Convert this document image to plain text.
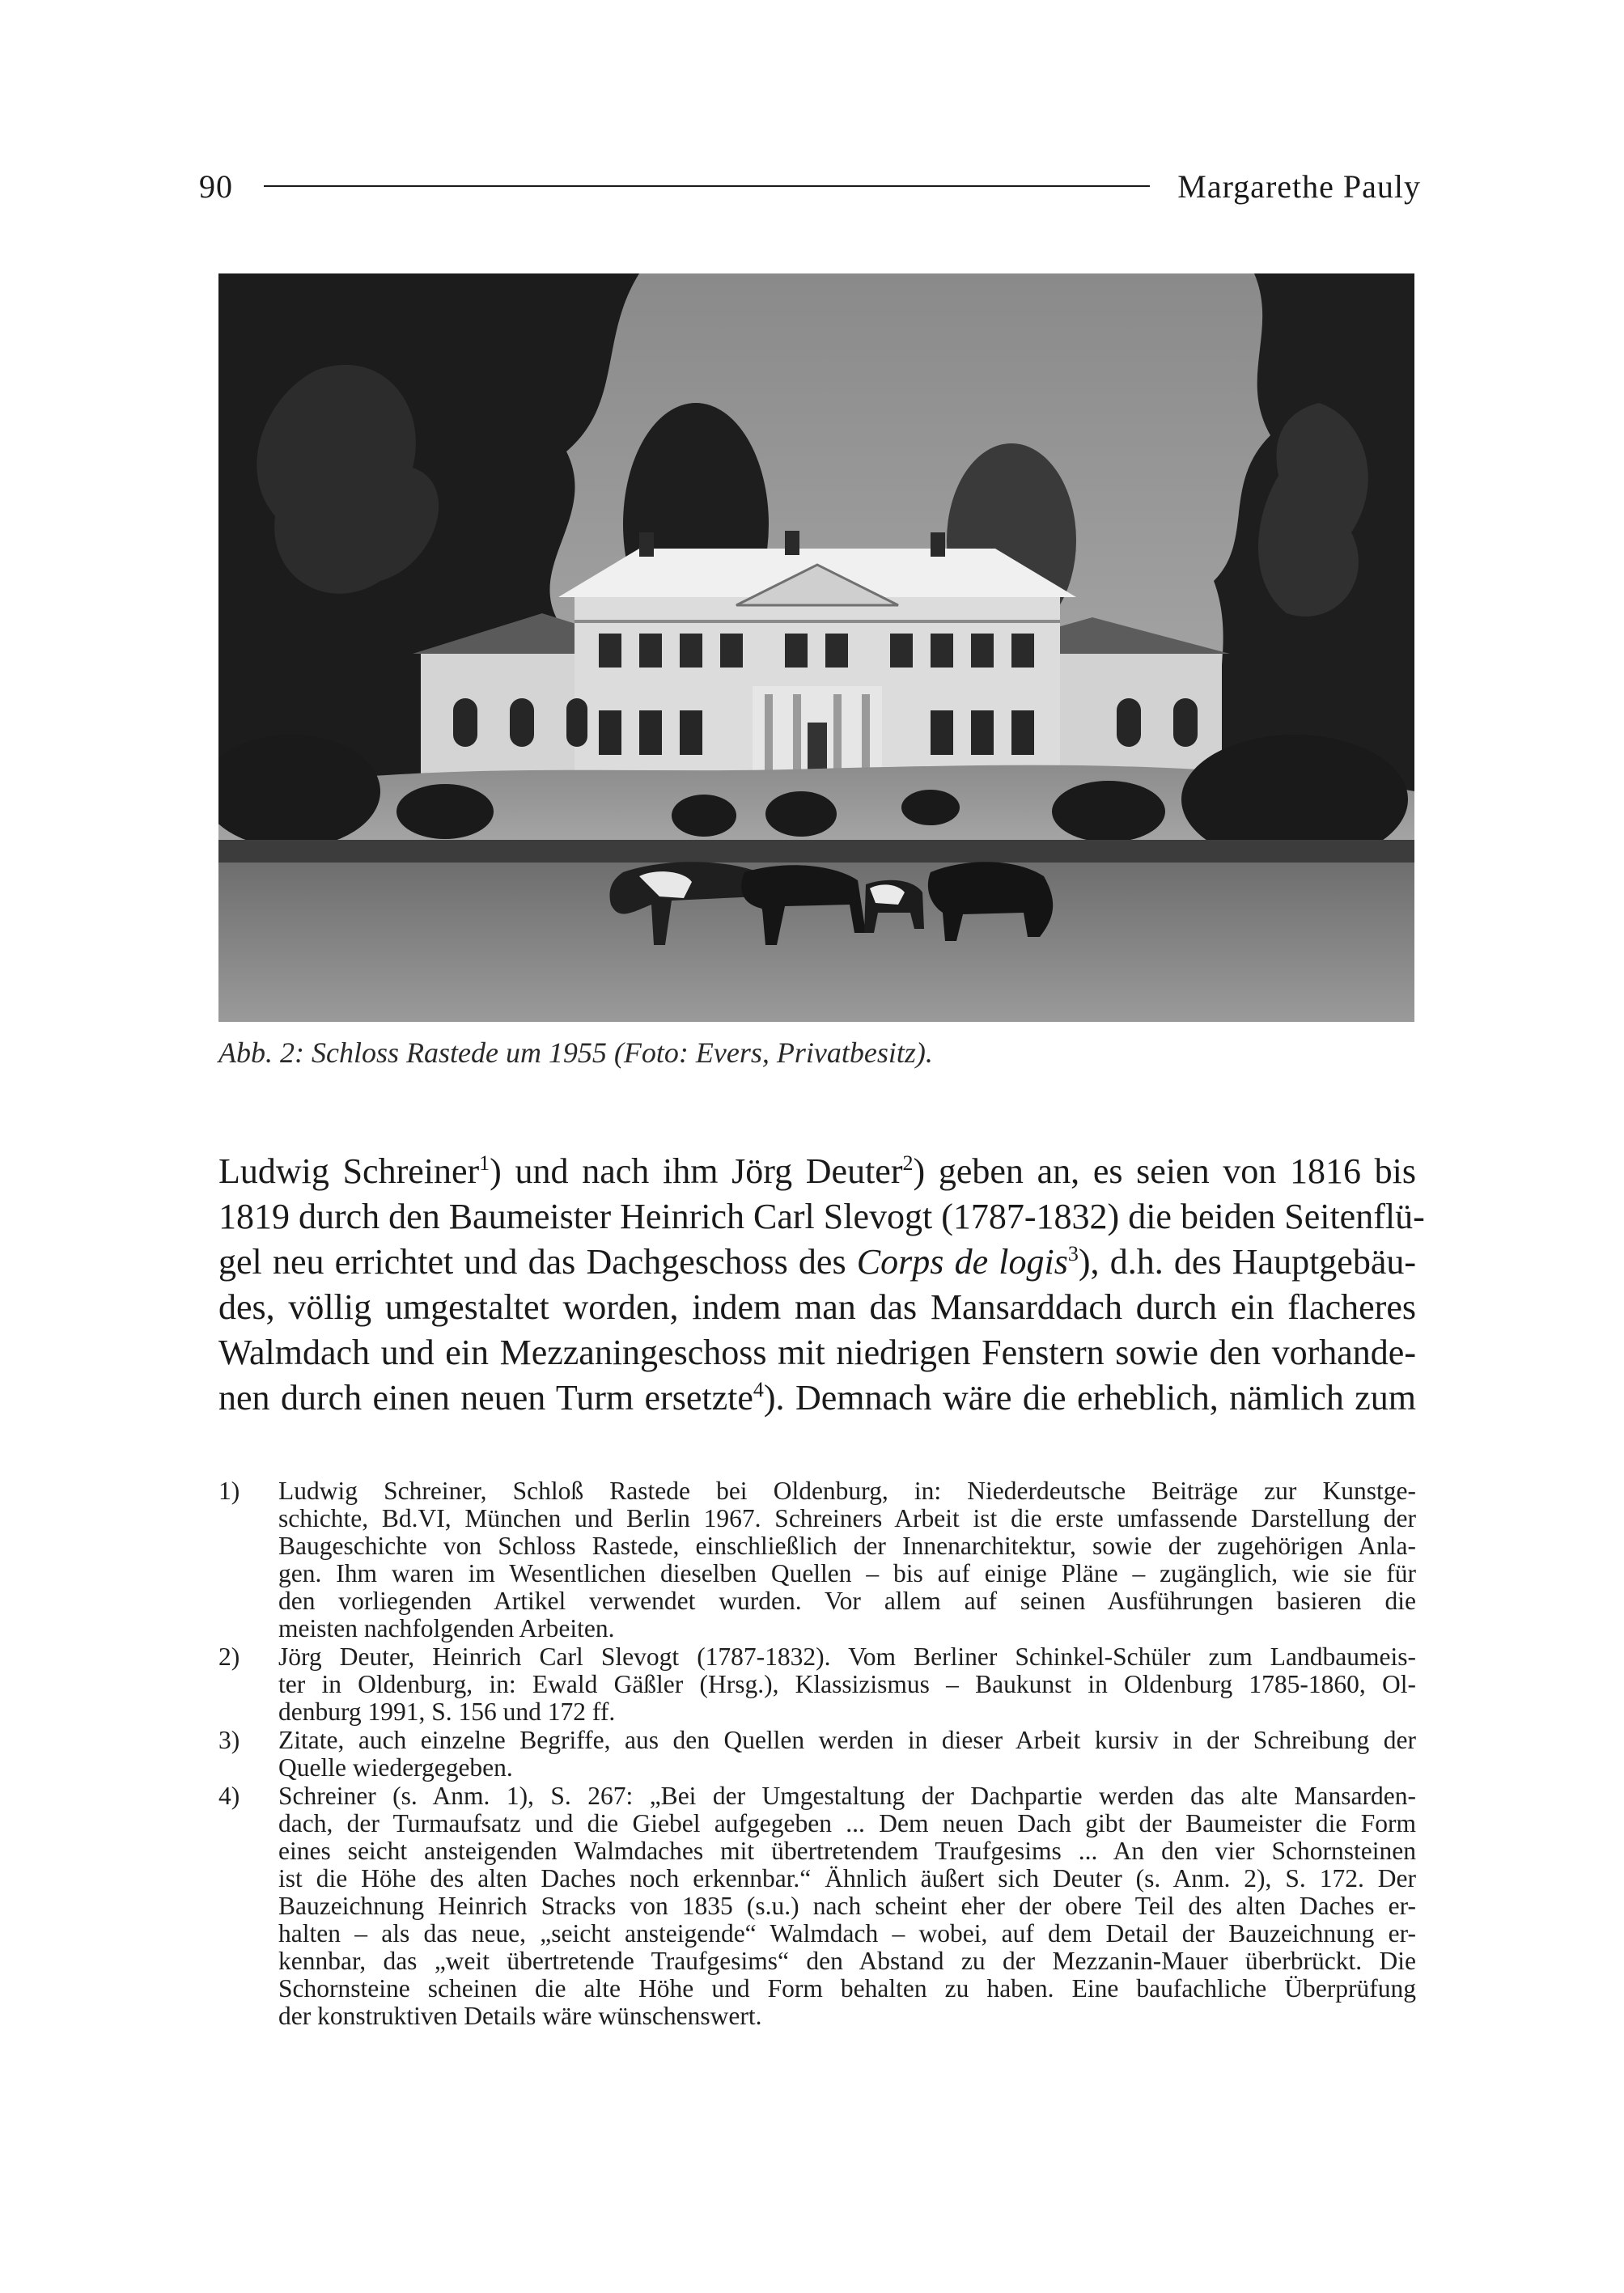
90	Margarethe Pauly
Abb. 2: Schloss Rastede um 1955 (Foto: Evers, Privatbesitz).
Ludwig Schreiner$^1$) und nach ihm Jörg Deuter$^2$) geben an, es seien von 1816 bis
1819 durch den Baumeister Heinrich Carl Slevogt (1787-1832) die beiden Seitenflü-
gel neu errichtet und das Dachgeschoss des Corps de logis$^3$), d.h. des Hauptgebäu-
des, völlig umgestaltet worden, indem man das Mansarddach durch ein flacheres
Walmdach und ein Mezzaningeschoss mit niedrigen Fenstern sowie den vorhande-
nen durch einen neuen Turm ersetzte$^4$). Demnach wäre die erheblich, nämlich zum
1) Ludwig Schreiner, Schloß Rastede bei Oldenburg, in: Niederdeutsche Beiträge zur Kunstge-
schichte, Bd.VI, München und Berlin 1967. Schreiners Arbeit ist die erste umfassende Darstellung der
Baugeschichte von Schloss Rastede, einschließlich der Innenarchitektur, sowie der zugehörigen Anla-
gen. Ihm waren im Wesentlichen dieselben Quellen – bis auf einige Pläne – zugänglich, wie sie für
den vorliegenden Artikel verwendet wurden. Vor allem auf seinen Ausführungen basieren die
meisten nachfolgenden Arbeiten.
2) Jörg Deuter, Heinrich Carl Slevogt (1787-1832). Vom Berliner Schinkel-Schüler zum Landbaumeis-
ter in Oldenburg, in: Ewald Gäßler (Hrsg.), Klassizismus – Baukunst in Oldenburg 1785-1860, Ol-
denburg 1991, S. 156 und 172 ff.
3) Zitate, auch einzelne Begriffe, aus den Quellen werden in dieser Arbeit kursiv in der Schreibung der
Quelle wiedergegeben.
4) Schreiner (s. Anm. 1), S. 267: „Bei der Umgestaltung der Dachpartie werden das alte Mansarden-
dach, der Turmaufsatz und die Giebel aufgegeben ... Dem neuen Dach gibt der Baumeister die Form
eines seicht ansteigenden Walmdaches mit übertretendem Traufgesims ... An den vier Schornsteinen
ist die Höhe des alten Daches noch erkennbar.“ Ähnlich äußert sich Deuter (s. Anm. 2), S. 172. Der
Bauzeichnung Heinrich Stracks von 1835 (s.u.) nach scheint eher der obere Teil des alten Daches er-
halten – als das neue, „seicht ansteigende“ Walmdach – wobei, auf dem Detail der Bauzeichnung er-
kennbar, das „weit übertretende Traufgesims“ den Abstand zu der Mezzanin-Mauer überbrückt. Die
Schornsteine scheinen die alte Höhe und Form behalten zu haben. Eine baufachliche Überprüfung
der konstruktiven Details wäre wünschenswert.
